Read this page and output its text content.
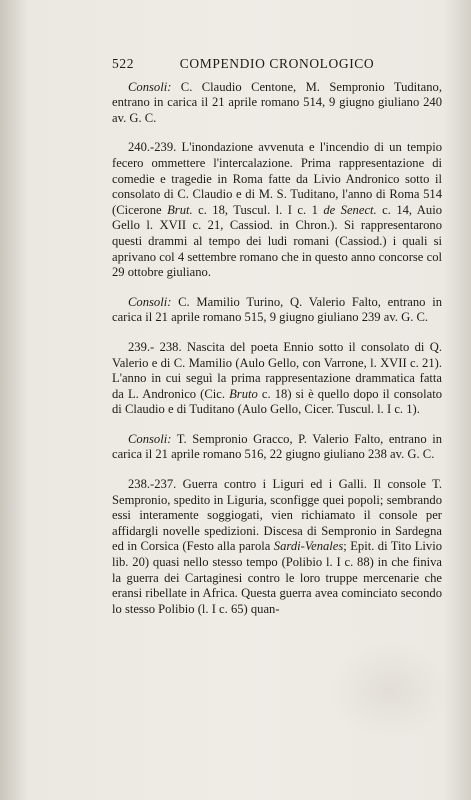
522	COMPENDIO CRONOLOGICO

Consoli: C. Claudio Centone, M. Sempronio Tuditano, entrano in carica il 21 aprile romano 514, 9 giugno giuliano 240 av. G. C.

240.-239. L'inondazione avvenuta e l'incendio di un tempio fecero ommettere l'intercalazione. Prima rappresentazione di comedie e tragedie in Roma fatte da Livio Andronico sotto il consolato di C. Claudio e di M. S. Tuditano, l'anno di Roma 514 (Cicerone Brut. c. 18, Tuscul. l. I c. 1 de Senect. c. 14, Auio Gello l. XVII c. 21, Cassiod. in Chron.). Si rappresentarono questi drammi al tempo dei ludi romani (Cassiod.) i quali si aprivano col 4 settembre romano che in questo anno concorse col 29 ottobre giuliano.

Consoli: C. Mamilio Turino, Q. Valerio Falto, entrano in carica il 21 aprile romano 515, 9 giugno giuliano 239 av. G. C.

239.- 238. Nascita del poeta Ennio sotto il consolato di Q. Valerio e di C. Mamilio (Aulo Gello, con Varrone, l. XVII c. 21). L'anno in cui seguì la prima rappresentazione drammatica fatta da L. Andronico (Cic. Bruto c. 18) si è quello dopo il consolato di Claudio e di Tuditano (Aulo Gello, Cicer. Tuscul. l. I c. 1).

Consoli: T. Sempronio Gracco, P. Valerio Falto, entrano in carica il 21 aprile romano 516, 22 giugno giuliano 238 av. G. C.

238.-237. Guerra contro i Liguri ed i Galli. Il console T. Sempronio, spedito in Liguria, sconfigge quei popoli; sembrando essi interamente soggiogati, vien richiamato il console per affidargli novelle spedizioni. Discesa di Sempronio in Sardegna ed in Corsica (Festo alla parola Sardi-Venales; Epit. di Tito Livio lib. 20) quasi nello stesso tempo (Polibio l. I c. 88) in che finiva la guerra dei Cartaginesi contro le loro truppe mercenarie che eransi ribellate in Africa. Questa guerra avea cominciato secondo lo stesso Polibio (l. I c. 65) quan-
